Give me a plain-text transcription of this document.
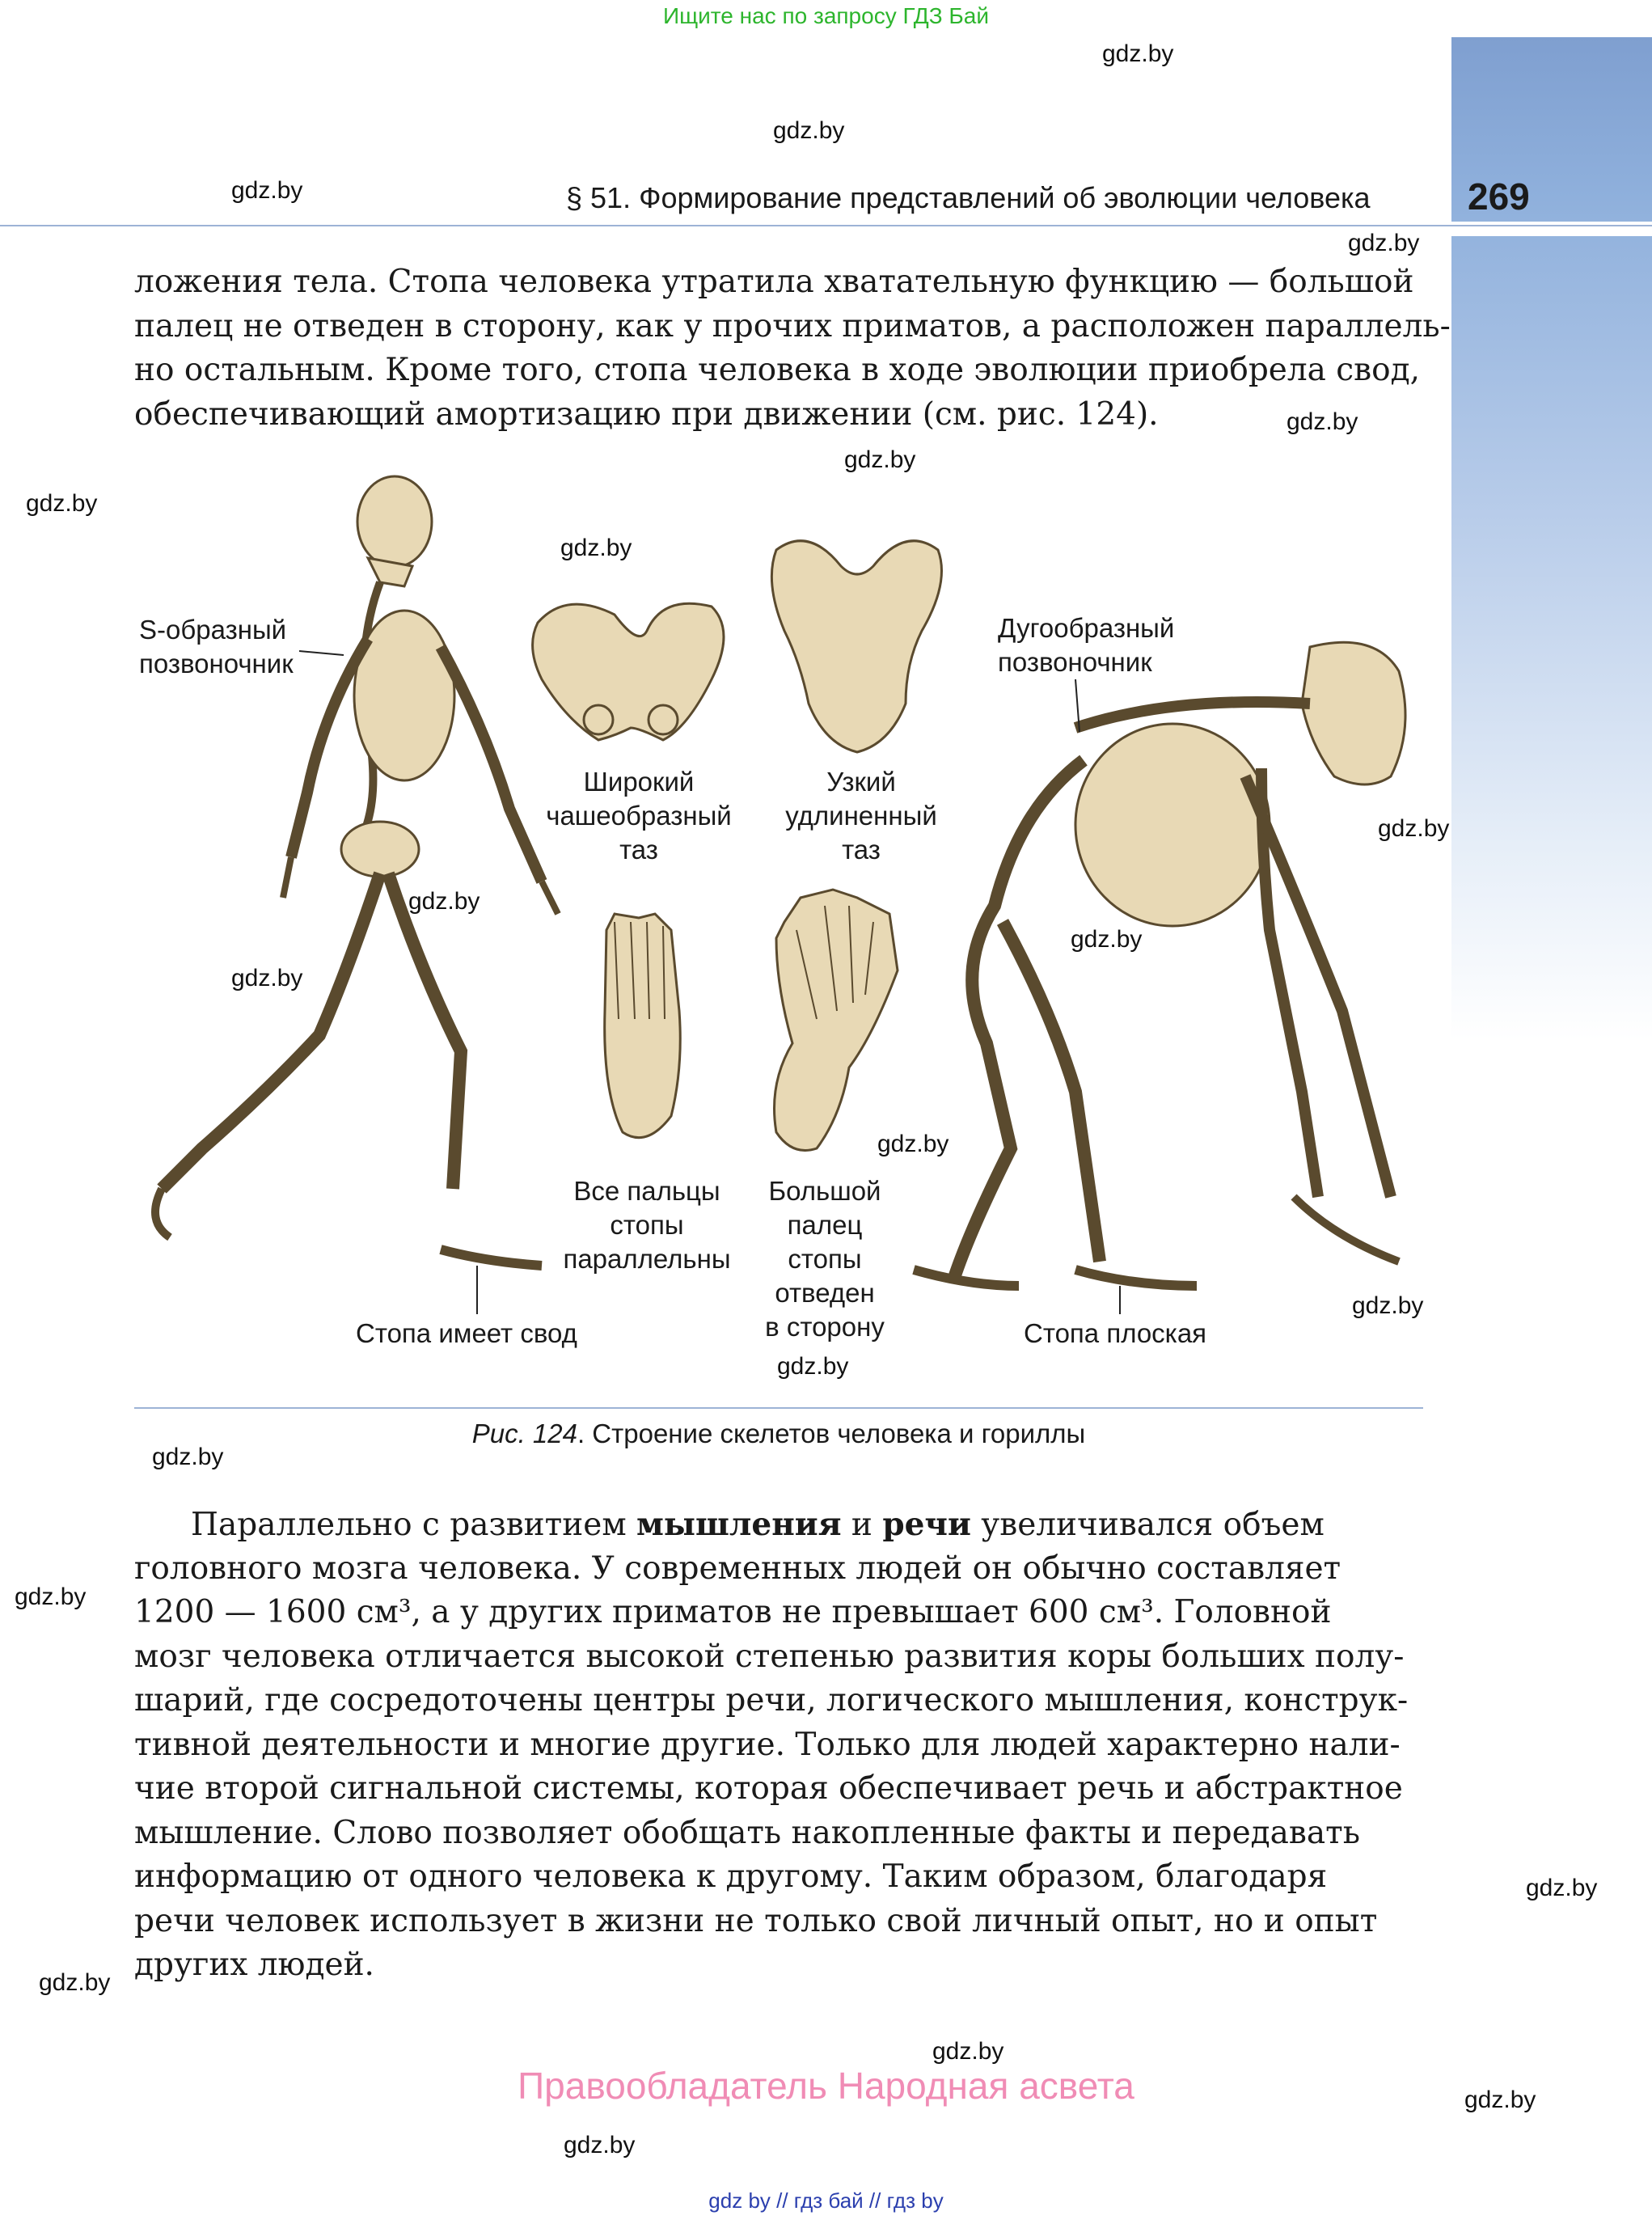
Ищите нас по запросу ГДЗ Бай
269
§ 51. Формирование представлений об эволюции человека
ложения тела. Стопа человека утратила хватательную функцию — большой
палец не отведен в сторону, как у прочих приматов, а расположен параллель-
но остальным. Кроме того, стопа человека в ходе эволюции приобрела свод,
обеспечивающий амортизацию при движении (см. рис. 124).
S-образный
позвоночник
Дугообразный
позвоночник
Широкий
чашеобразный
таз
Узкий
удлиненный
таз
Все пальцы
стопы
параллельны
Большой
палец
стопы
отведен
в сторону
Стопа имеет свод	Стопа плоская
Рис. 124. Строение скелетов человека и гориллы
Параллельно с развитием мышления и речи увеличивался объем
головного мозга человека. У современных людей он обычно составляет
1200 — 1600 см³, а у других приматов не превышает 600 см³. Головной
мозг человека отличается высокой степенью развития коры больших полу-
шарий, где сосредоточены центры речи, логического мышления, конструк-
тивной деятельности и многие другие. Только для людей характерно нали-
чие второй сигнальной системы, которая обеспечивает речь и абстрактное
мышление. Слово позволяет обобщать накопленные факты и передавать
информацию от одного человека к другому. Таким образом, благодаря
речи человек использует в жизни не только свой личный опыт, но и опыт
других людей.
gdz.by
gdz.by
gdz.by
gdz.by
gdz.by
gdz.by
gdz.by
gdz.by
gdz.by
gdz.by
gdz.by
gdz.by
gdz.by
gdz.by
gdz.by
gdz.by
gdz.by
gdz.by
gdz.by
gdz.by
gdz.by
gdz.by
Правообладатель Народная асвета
gdz by // гдз бай // гдз by
